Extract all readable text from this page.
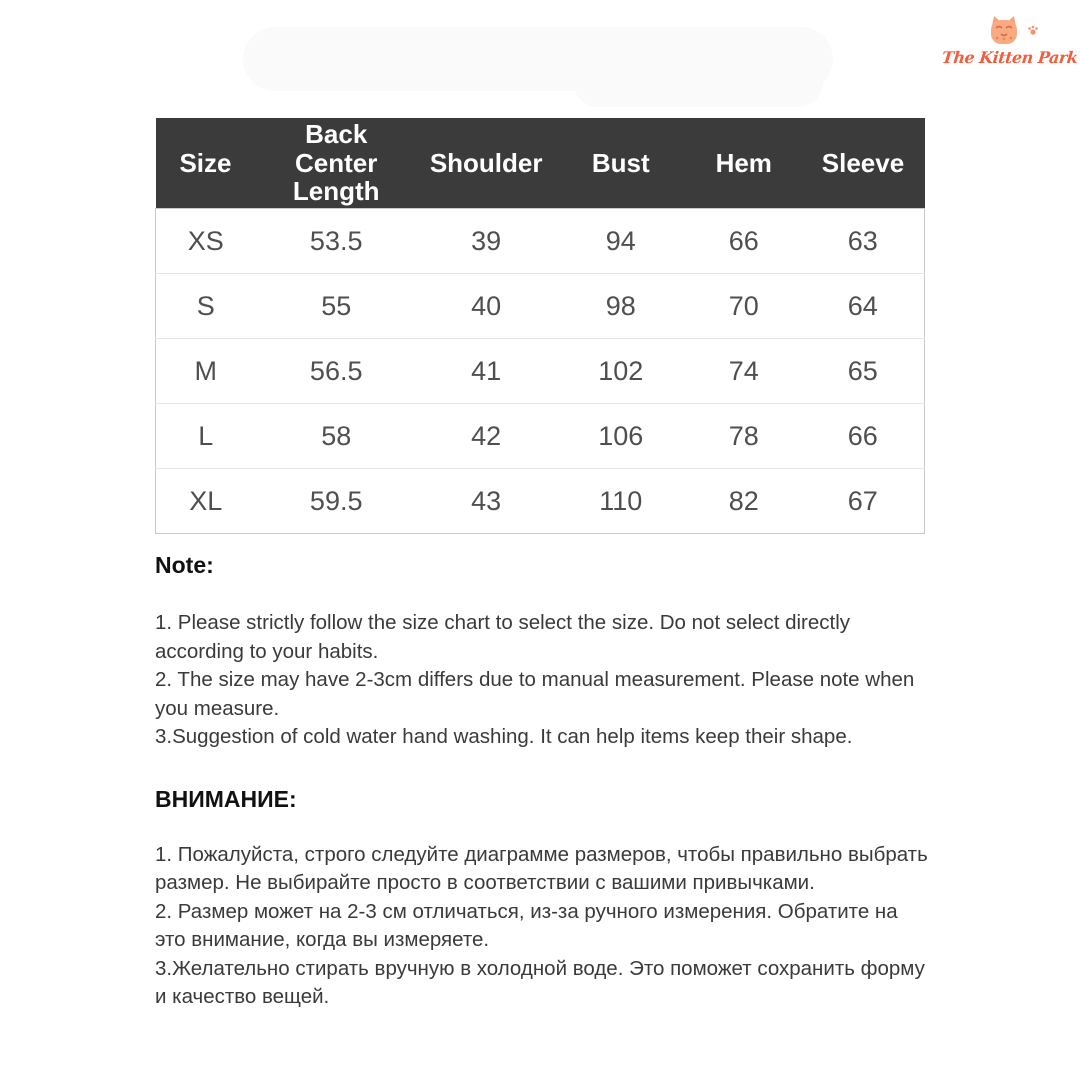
The Kitten Park
Size	Back Center Length	Shoulder	Bust	Hem	Sleeve
XS	53.5	39	94	66	63
S	55	40	98	70	64
M	56.5	41	102	74	65
L	58	42	106	78	66
XL	59.5	43	110	82	67

Note:

1. Please strictly follow the size chart to select the size. Do not select directly according to your habits.

2. The size may have 2-3cm differs due to manual measurement. Please note when you measure.

3.Suggestion of cold water hand washing. It can help items keep their shape.

ВНИМАНИЕ:

1. Пожалуйста, строго следуйте диаграмме размеров, чтобы правильно выбрать размер. Не выбирайте просто в соответствии с вашими привычками.

2. Размер может на 2-3 см отличаться, из-за ручного измерения. Обратите на это внимание, когда вы измеряете.

3.Желательно стирать вручную в холодной воде. Это поможет сохранить форму и качество вещей.
